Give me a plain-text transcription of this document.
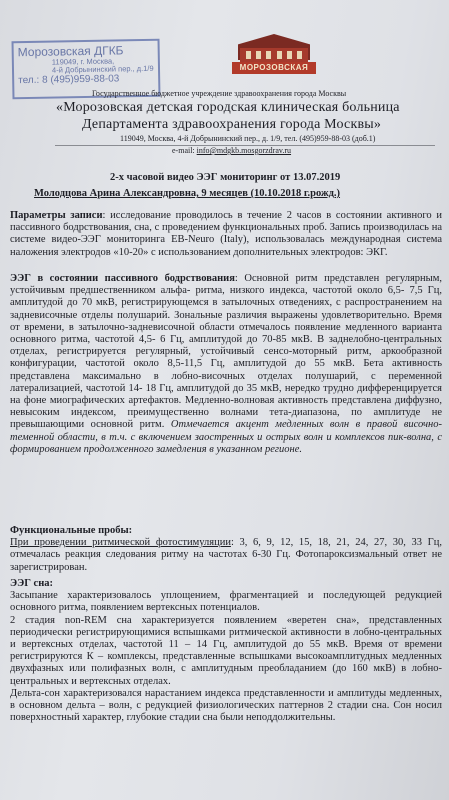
Морозовская ДГКБ
119049, г. Москва,
4-й Добрынинский пер., д.1/9
тел.: 8 (495)959-88-03
МОРОЗОВСКАЯ
Государственное бюджетное учреждение здравоохранения города Москвы
«Морозовская детская городская клиническая больница
Департамента здравоохранения города Москвы»
119049, Москва, 4-й Добрынинский пер., д. 1/9, тел. (495)959-88-03 (доб.1)
e-mail: info@mdgkb.mosgorzdrav.ru
2-х часовой видео ЭЭГ мониторинг от 13.07.2019
Молодцова Арина Александровна, 9 месяцев (10.10.2018 г.рожд.)
Параметры записи: исследование проводилось в течение 2 часов в состоянии активного и пассивного бодрствования, сна, с проведением функциональных проб. Запись производилась на системе видео-ЭЭГ мониторинга EB-Neuro (Italy), использовалась международная система наложения электродов «10-20» с использованием дополнительных электродов: ЭКГ.
ЭЭГ в состоянии пассивного бодрствования: Основной ритм представлен регулярным, устойчивым предшественником альфа- ритма, низкого индекса, частотой около 6,5- 7,5 Гц, амплитудой до 70 мкВ, регистрирующемся в затылочных отведениях, с распространением на задневисочные отделы полушарий. Зональные различия выражены удовлетворительно. Время от времени, в затылочно-задневисочной области отмечалось появление медленного варианта основного ритма, частотой 4,5- 6 Гц, амплитудой до 70-85 мкВ. В заднелобно-центральных отделах, регистрируется регулярный, устойчивый сенсо-моторный ритм, аркообразной конфигурации, частотой около 8,5-11,5 Гц, амплитудой до 55 мкВ. Бета активность представлена максимально в лобно-височных отделах полушарий, с переменной латерализацией, частотой 14- 18 Гц, амплитудой до 35 мкВ, нередко трудно дифференцируется на фоне миографических артефактов. Медленно-волновая активность представлена диффузно, невысоким индексом, преимущественно волнами тета-диапазона, по амплитуде не превышающими основной ритм. Отмечается акцент медленных волн в правой височно-теменной области, в т.ч. с включением заостренных и острых волн и комплексов пик-волна, с формированием продолженного замедления в указанном регионе.
Функциональные пробы:
При проведении ритмической фотостимуляции: 3, 6, 9, 12, 15, 18, 21, 24, 27, 30, 33 Гц, отмечалась реакция следования ритму на частотах 6-30 Гц. Фотопароксизмальный ответ не зарегистрирован.
ЭЭГ сна:
Засыпание характеризовалось уплощением, фрагментацией и последующей редукцией основного ритма, появлением вертексных потенциалов.
2 стадия non-REM сна характеризуется появлением «веретен сна», представленных периодически регистрирующимися вспышками ритмической активности в лобно-центральных и вертексных отделах, частотой 11 – 14 Гц, амплитудой до 55 мкВ. Время от времени регистрируются К – комплексы, представленные вспышками высокоамплитудных медленных двухфазных или полифазных волн, с амплитудным преобладанием (до 160 мкВ) в лобно-центральных и вертексных отделах.
Дельта-сон характеризовался нарастанием индекса представленности и амплитуды медленных, в основном дельта – волн, с редукцией физиологических паттернов 2 стадии сна. Сон носил поверхностный характер, глубокие стадии сна были неподдолжительны.
